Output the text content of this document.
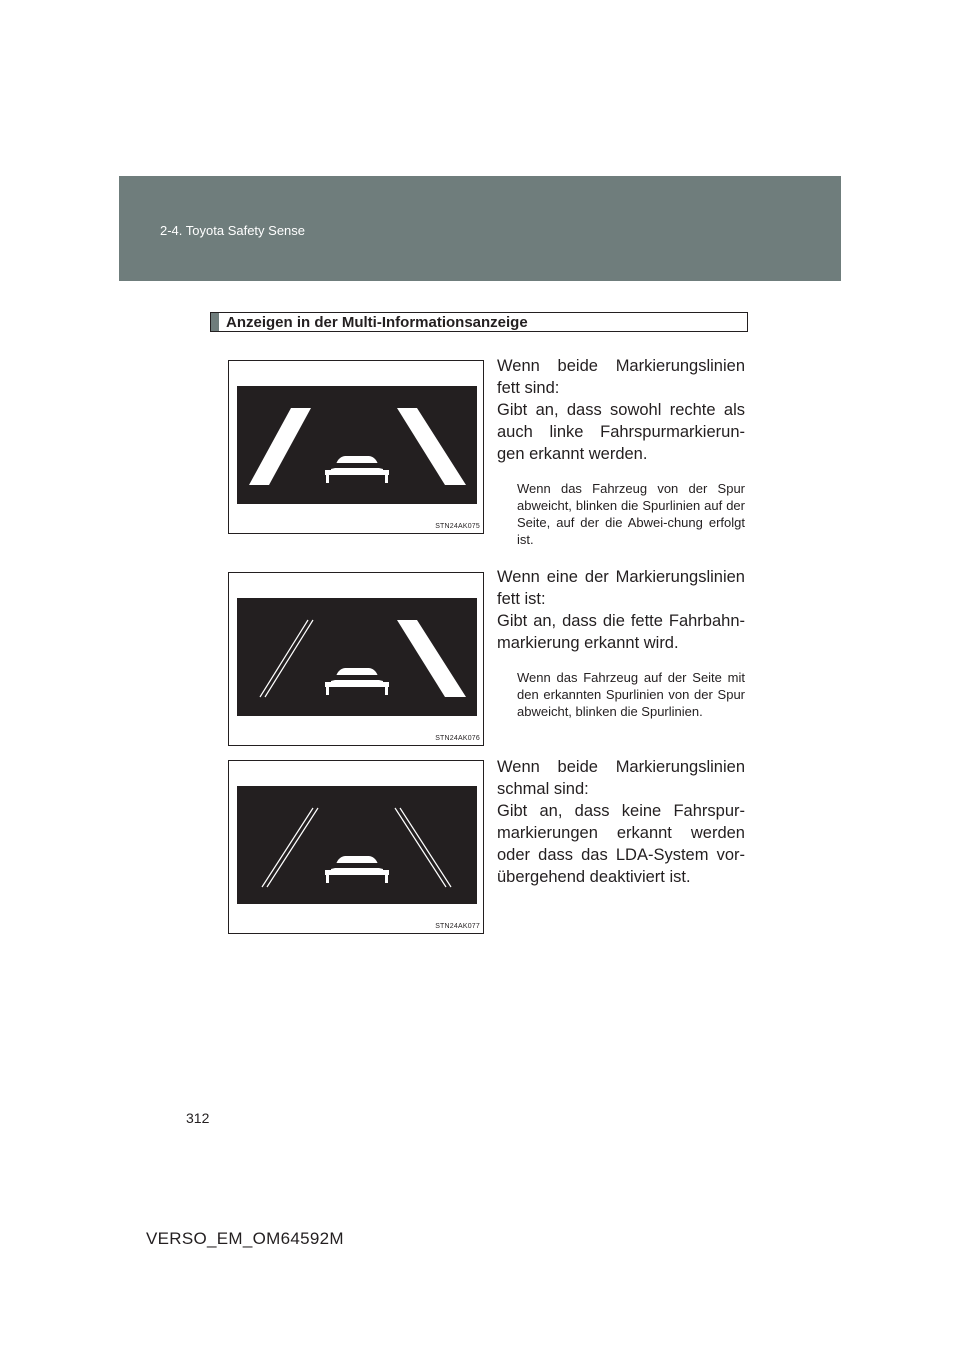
2-4. Toyota Safety Sense
Anzeigen in der Multi-Informationsanzeige
STN24AK075

Wenn beide Markierungslinien fett sind:

Gibt an, dass sowohl rechte als auch linke Fahrspurmarkierun-gen erkannt werden.

Wenn das Fahrzeug von der Spur abweicht, blinken die Spurlinien auf der Seite, auf der die Abwei-chung erfolgt ist.
STN24AK076

Wenn eine der Markierungslinien fett ist:

Gibt an, dass die fette Fahrbahn-markierung erkannt wird.

Wenn das Fahrzeug auf der Seite mit den erkannten Spurlinien von der Spur abweicht, blinken die Spurlinien.
STN24AK077

Wenn beide Markierungslinien schmal sind:

Gibt an, dass keine Fahrspur-markierungen erkannt werden oder dass das LDA-System vor-übergehend deaktiviert ist.

312
VERSO_EM_OM64592M
